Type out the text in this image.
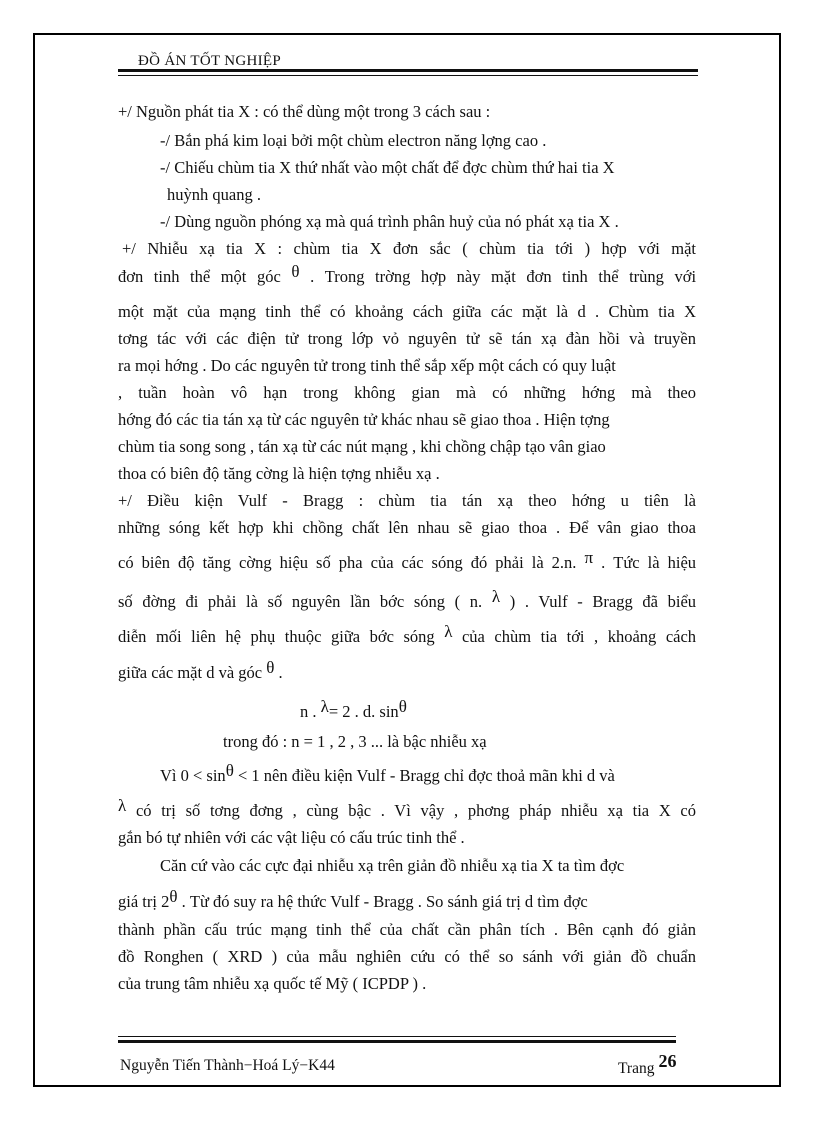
ĐỒ ÁN TỐT NGHIỆP
+/ Nguồn phát tia X : có thể dùng một trong 3 cách sau :
-/ Bắn phá kim loại bởi một chùm electron năng lợng cao .
-/ Chiếu chùm tia X thứ nhất vào một chất để đợc chùm thứ hai tia X
huỳnh quang .
-/ Dùng nguồn phóng xạ mà quá trình phân huỷ của nó phát xạ tia X .
+/ Nhiễu xạ tia X : chùm tia X đơn sắc ( chùm tia tới ) hợp với mặt
đơn tinh thể một góc θ . Trong trờng hợp này mặt đơn tinh thể trùng với
một mặt của mạng tinh thể có khoảng cách giữa các mặt là d . Chùm tia X
tơng tác với các điện tử trong lớp vỏ nguyên tử sẽ tán xạ đàn hồi và truyền
ra mọi hớng . Do các nguyên tử trong tinh thể sắp xếp một cách có quy luật
, tuần hoàn vô hạn trong không gian mà có những hớng mà theo
hớng đó các tia tán xạ từ các nguyên tử khác nhau sẽ giao thoa . Hiện tợng
chùm tia song song , tán xạ từ các nút mạng , khi chồng chập tạo vân giao
thoa có biên độ tăng cờng là hiện tợng nhiễu xạ .
+/ Điều kiện Vulf - Bragg : chùm tia tán xạ theo hớng u tiên là
những sóng kết hợp khi chồng chất lên nhau sẽ giao thoa . Để vân giao thoa
có biên độ tăng cờng hiệu số pha của các sóng đó phải là 2.n. π . Tức là hiệu
số đờng đi phải là số nguyên lần bớc sóng ( n. λ ) . Vulf - Bragg đã biểu
diễn mối liên hệ phụ thuộc giữa bớc sóng λ của chùm tia tới , khoảng cách
giữa các mặt d và góc θ .
n . λ= 2 . d. sinθ
trong đó : n = 1 , 2 , 3 ... là bậc nhiễu xạ
Vì 0 < sinθ < 1 nên điều kiện Vulf - Bragg chỉ đợc thoả mãn khi d và
λ có trị số tơng đơng , cùng bậc . Vì vậy , phơng pháp nhiễu xạ tia X có
gắn bó tự nhiên với các vật liệu có cấu trúc tinh thể .
Căn cứ vào các cực đại nhiễu xạ trên giản đồ nhiễu xạ tia X ta tìm đợc
giá trị 2θ . Từ đó suy ra hệ thức Vulf - Bragg . So sánh giá trị d tìm đợc
thành phần cấu trúc mạng tinh thể của chất cần phân tích . Bên cạnh đó giản
đồ Ronghen ( XRD ) của mẫu nghiên cứu có thể so sánh với giản đồ chuẩn
của trung tâm nhiễu xạ quốc tế Mỹ ( ICPDP ) .
Nguyễn Tiến Thành−Hoá Lý−K44	Trang 26
